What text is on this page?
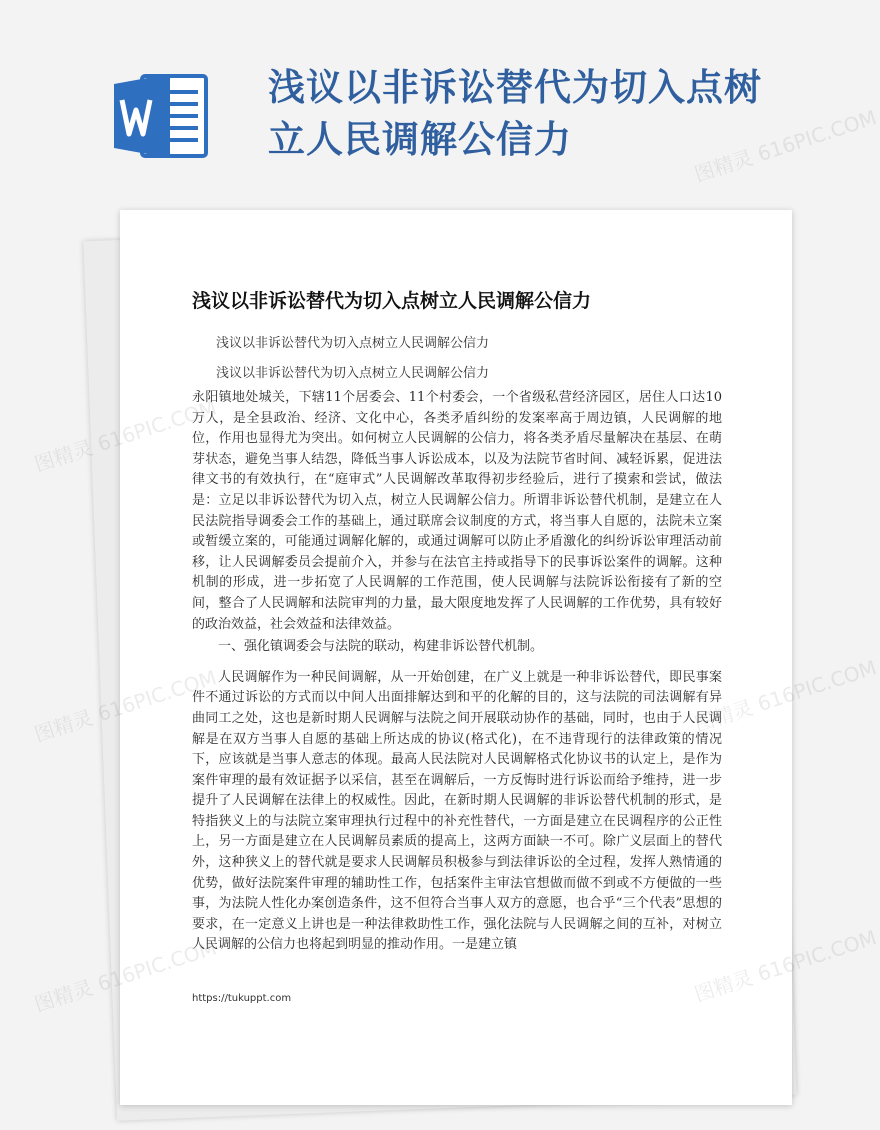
浅议以非诉讼替代为切入点树立人民调解公信力
浅议以非诉讼替代为切入点树立人民调解公信力
浅议以非诉讼替代为切入点树立人民调解公信力
浅议以非诉讼替代为切入点树立人民调解公信力

永阳镇地处城关，下辖11个居委会、11个村委会，一个省级私营经济园区，居住人口达10万人，是全县政治、经济、文化中心，各类矛盾纠纷的发案率高于周边镇，人民调解的地位，作用也显得尤为突出。如何树立人民调解的公信力，将各类矛盾尽量解决在基层、在萌芽状态，避免当事人结怨，降低当事人诉讼成本，以及为法院节省时间、减轻诉累，促进法律文书的有效执行，在“庭审式”人民调解改革取得初步经验后，进行了摸索和尝试，做法是：立足以非诉讼替代为切入点，树立人民调解公信力。所谓非诉讼替代机制，是建立在人民法院指导调委会工作的基础上，通过联席会议制度的方式，将当事人自愿的，法院未立案或暂缓立案的，可能通过调解化解的，或通过调解可以防止矛盾激化的纠纷诉讼审理活动前移，让人民调解委员会提前介入，并参与在法官主持或指导下的民事诉讼案件的调解。这种机制的形成，进一步拓宽了人民调解的工作范围，使人民调解与法院诉讼衔接有了新的空间，整合了人民调解和法院审判的力量，最大限度地发挥了人民调解的工作优势，具有较好的政治效益，社会效益和法律效益。

一、强化镇调委会与法院的联动，构建非诉讼替代机制。

人民调解作为一种民间调解，从一开始创建，在广义上就是一种非诉讼替代，即民事案件不通过诉讼的方式而以中间人出面排解达到和平的化解的目的，这与法院的司法调解有异曲同工之处，这也是新时期人民调解与法院之间开展联动协作的基础，同时，也由于人民调解是在双方当事人自愿的基础上所达成的协议(格式化)，在不违背现行的法律政策的情况下，应该就是当事人意志的体现。最高人民法院对人民调解格式化协议书的认定上，是作为案件审理的最有效证据予以采信，甚至在调解后，一方反悔时进行诉讼而给予维持，进一步提升了人民调解在法律上的权威性。因此，在新时期人民调解的非诉讼替代机制的形式，是特指狭义上的与法院立案审理执行过程中的补充性替代，一方面是建立在民调程序的公正性上，另一方面是建立在人民调解员素质的提高上，这两方面缺一不可。除广义层面上的替代外，这种狭义上的替代就是要求人民调解员积极参与到法律诉讼的全过程，发挥人熟情通的优势，做好法院案件审理的辅助性工作，包括案件主审法官想做而做不到或不方便做的一些事，为法院人性化办案创造条件，这不但符合当事人双方的意愿，也合乎“三个代表”思想的要求，在一定意义上讲也是一种法律救助性工作，强化法院与人民调解之间的互补，对树立人民调解的公信力也将起到明显的推动作用。一是建立镇

https://tukuppt.com
图精灵 616PIC.COM
图精灵
图精灵
616PIC.COM
图精灵
616PIC.COM
